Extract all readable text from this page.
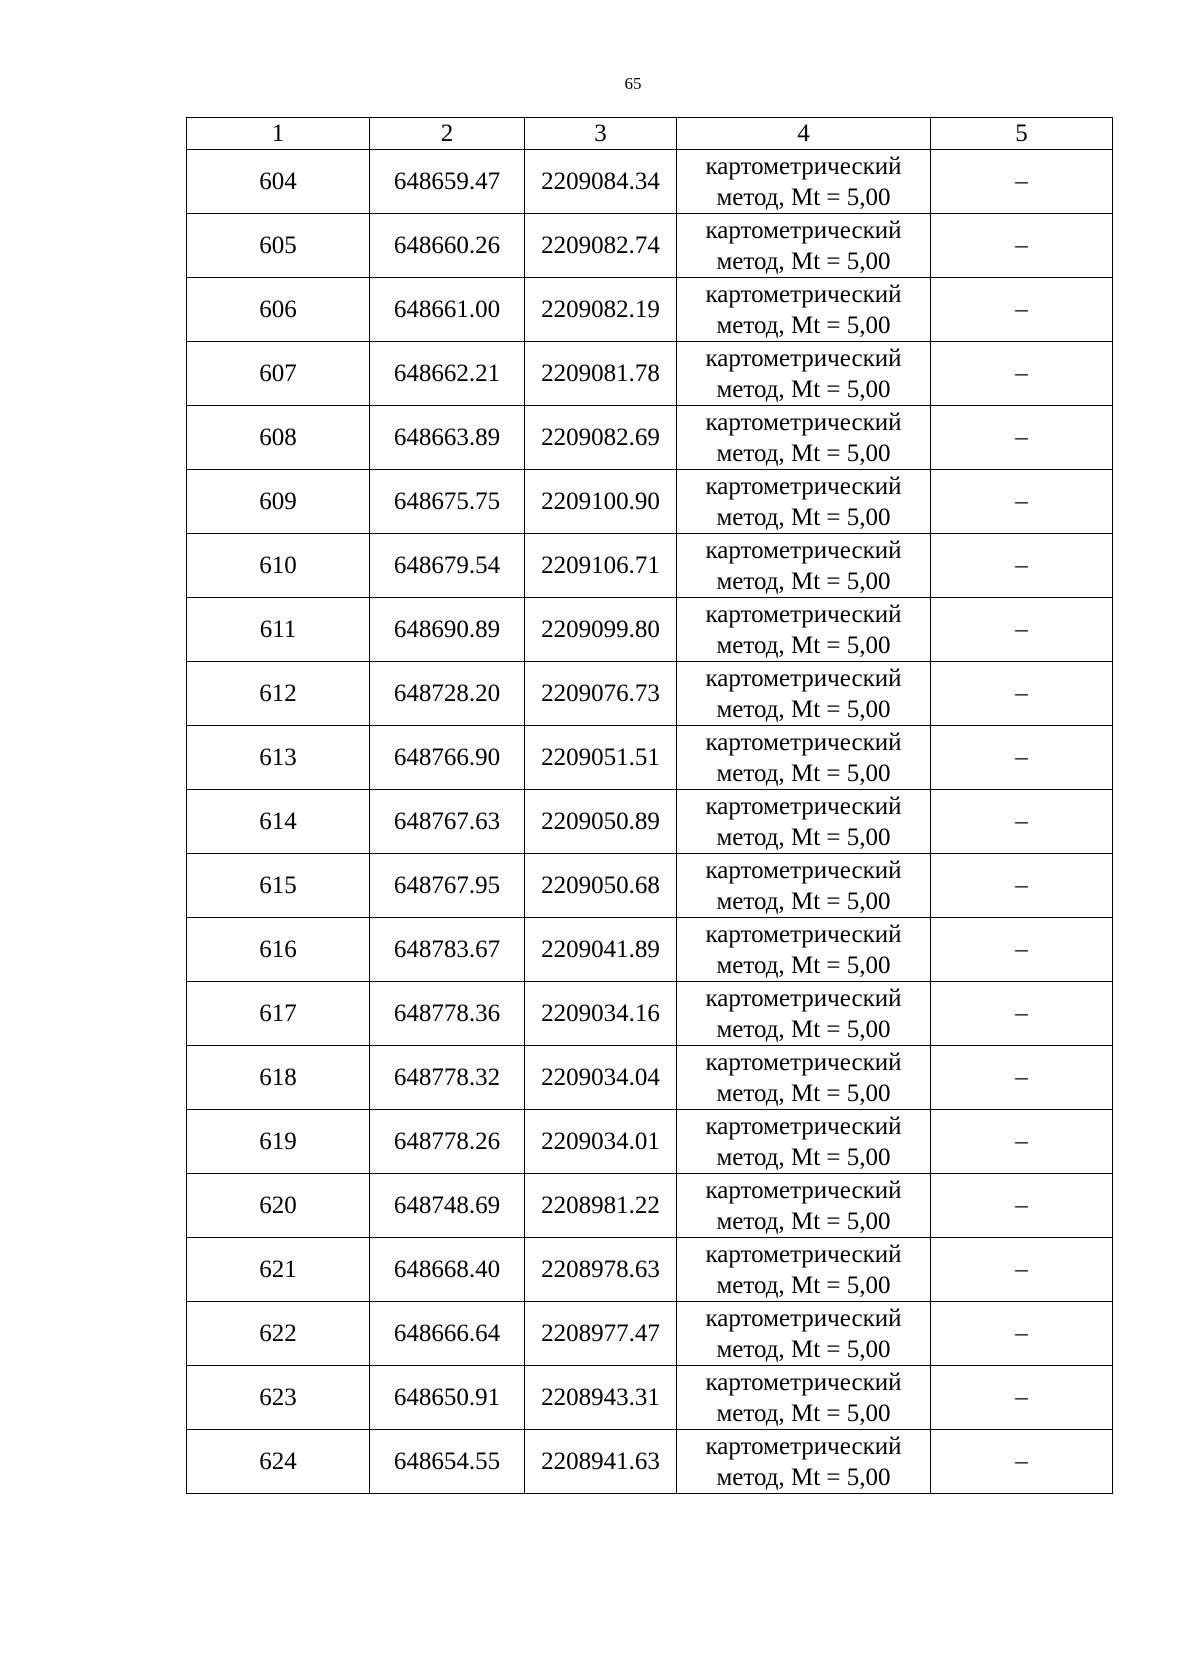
65
1	2	3	4	5
604	648659.47	2209084.34	картометрический
метод, Mt = 5,00	–
605	648660.26	2209082.74	картометрический
метод, Mt = 5,00	–
606	648661.00	2209082.19	картометрический
метод, Mt = 5,00	–
607	648662.21	2209081.78	картометрический
метод, Mt = 5,00	–
608	648663.89	2209082.69	картометрический
метод, Mt = 5,00	–
609	648675.75	2209100.90	картометрический
метод, Mt = 5,00	–
610	648679.54	2209106.71	картометрический
метод, Mt = 5,00	–
611	648690.89	2209099.80	картометрический
метод, Mt = 5,00	–
612	648728.20	2209076.73	картометрический
метод, Mt = 5,00	–
613	648766.90	2209051.51	картометрический
метод, Mt = 5,00	–
614	648767.63	2209050.89	картометрический
метод, Mt = 5,00	–
615	648767.95	2209050.68	картометрический
метод, Mt = 5,00	–
616	648783.67	2209041.89	картометрический
метод, Mt = 5,00	–
617	648778.36	2209034.16	картометрический
метод, Mt = 5,00	–
618	648778.32	2209034.04	картометрический
метод, Mt = 5,00	–
619	648778.26	2209034.01	картометрический
метод, Mt = 5,00	–
620	648748.69	2208981.22	картометрический
метод, Mt = 5,00	–
621	648668.40	2208978.63	картометрический
метод, Mt = 5,00	–
622	648666.64	2208977.47	картометрический
метод, Mt = 5,00	–
623	648650.91	2208943.31	картометрический
метод, Mt = 5,00	–
624	648654.55	2208941.63	картометрический
метод, Mt = 5,00	–
